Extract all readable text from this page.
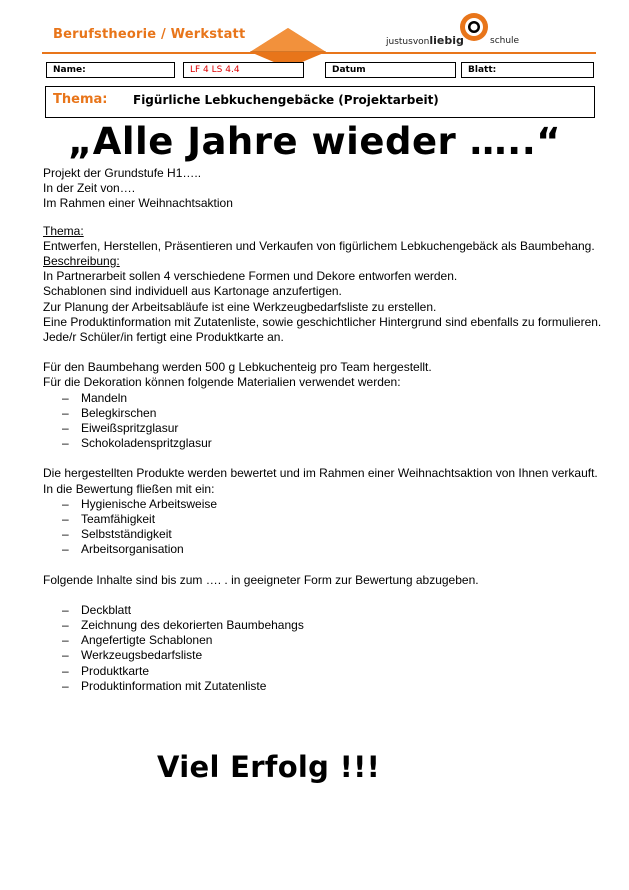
Berufstheorie / Werkstatt	justusvonliebig	schule
Name:	LF 4 LS 4.4	Datum	Blatt:
Thema: Figürliche Lebkuchengebäcke (Projektarbeit)
„Alle Jahre wieder …..“

Projekt der Grundstufe H1…..

In der Zeit von….

Im Rahmen einer Weihnachtsaktion

Thema:

Entwerfen, Herstellen, Präsentieren und Verkaufen von figürlichem Lebkuchengebäck als Baumbehang.

Beschreibung:

In Partnerarbeit sollen 4 verschiedene Formen und Dekore entworfen werden.

Schablonen sind individuell aus Kartonage anzufertigen.

Zur Planung der Arbeitsabläufe ist eine Werkzeugbedarfsliste zu erstellen.

Eine Produktinformation mit Zutatenliste, sowie geschichtlicher Hintergrund sind ebenfalls zu formulieren.

Jede/r Schüler/in fertigt eine Produktkarte an.

Für den Baumbehang werden 500 g Lebkuchenteig pro Team hergestellt.

Für die Dekoration können folgende Materialien verwendet werden:

– Mandeln
– Belegkirschen
– Eiweißspritzglasur
– Schokoladenspritzglasur

Die hergestellten Produkte werden bewertet und im Rahmen einer Weihnachtsaktion von Ihnen verkauft.

In die Bewertung fließen mit ein:

– Hygienische Arbeitsweise
– Teamfähigkeit
– Selbstständigkeit
– Arbeitsorganisation

Folgende Inhalte sind bis zum …. . in geeigneter Form zur Bewertung abzugeben.

– Deckblatt
– Zeichnung des dekorierten Baumbehangs
– Angefertigte Schablonen
– Werkzeugsbedarfsliste
– Produktkarte
– Produktinformation mit Zutatenliste
Viel Erfolg !!!
